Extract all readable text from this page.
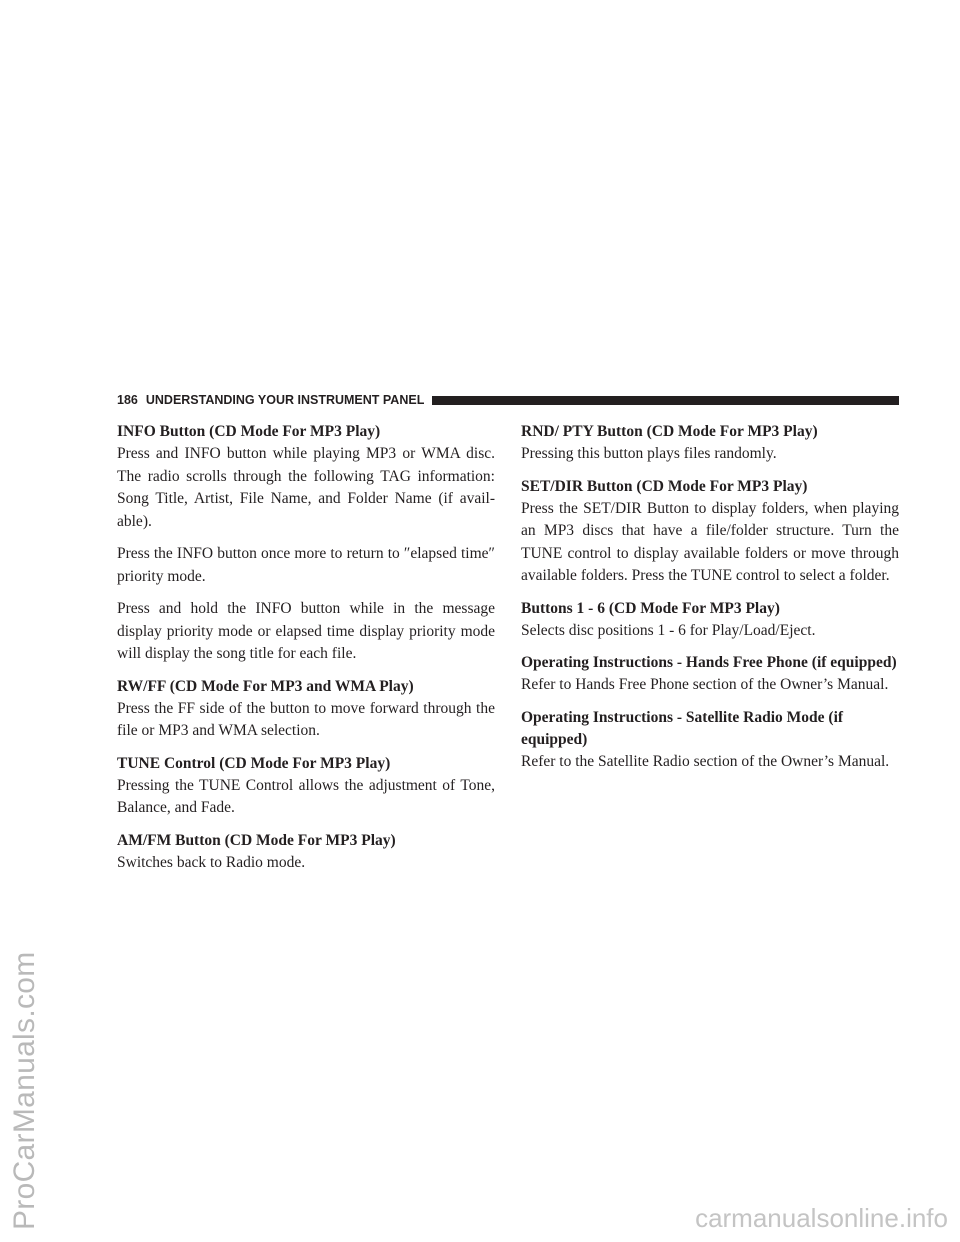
ProCarManuals.com	carmanualsonline.info
186 UNDERSTANDING YOUR INSTRUMENT PANEL
INFO Button (CD Mode For MP3 Play)

Press and INFO button while playing MP3 or WMA disc. The radio scrolls through the following TAG information: Song Title, Artist, File Name, and Folder Name (if avail-able).

Press the INFO button once more to return to ″elapsed time″ priority mode.

Press and hold the INFO button while in the message display priority mode or elapsed time display priority mode will display the song title for each file.

RW/FF (CD Mode For MP3 and WMA Play)

Press the FF side of the button to move forward through the file or MP3 and WMA selection.

TUNE Control (CD Mode For MP3 Play)

Pressing the TUNE Control allows the adjustment of Tone, Balance, and Fade.

AM/FM Button (CD Mode For MP3 Play)

Switches back to Radio mode.

RND/ PTY Button (CD Mode For MP3 Play)

Pressing this button plays files randomly.

SET/DIR Button (CD Mode For MP3 Play)

Press the SET/DIR Button to display folders, when playing an MP3 discs that have a file/folder structure. Turn the TUNE control to display available folders or move through available folders. Press the TUNE control to select a folder.

Buttons 1 - 6 (CD Mode For MP3 Play)

Selects disc positions 1 - 6 for Play/Load/Eject.

Operating Instructions - Hands Free Phone (if equipped)

Refer to Hands Free Phone section of the Owner’s Manual.

Operating Instructions - Satellite Radio Mode (if equipped)

Refer to the Satellite Radio section of the Owner’s Manual.
